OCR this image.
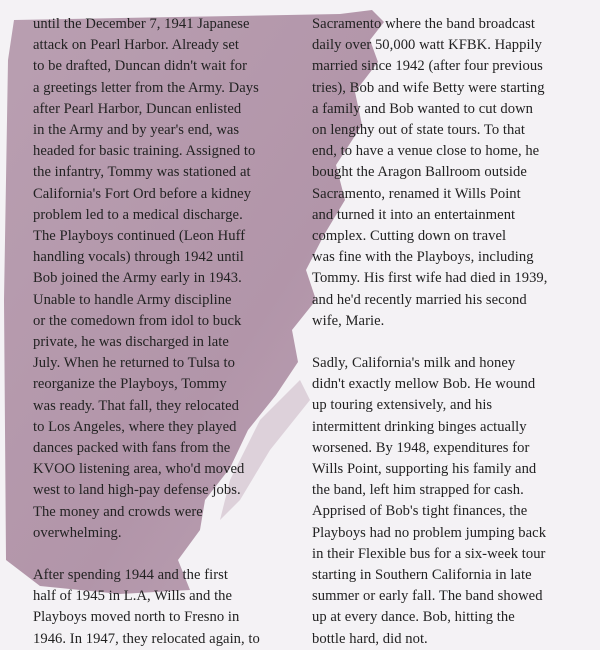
until the December 7, 1941 Japanese
attack on Pearl Harbor. Already set
to be drafted, Duncan didn't wait for
a greetings letter from the Army. Days
after Pearl Harbor, Duncan enlisted
in the Army and by year's end, was
headed for basic training. Assigned to
the infantry, Tommy was stationed at
California's Fort Ord before a kidney
problem led to a medical discharge.
The Playboys continued (Leon Huff
handling vocals) through 1942 until
Bob joined the Army early in 1943.
Unable to handle Army discipline
or the comedown from idol to buck
private, he was discharged in late
July. When he returned to Tulsa to
reorganize the Playboys, Tommy
was ready. That fall, they relocated
to Los Angeles, where they played
dances packed with fans from the
KVOO listening area, who'd moved
west to land high-pay defense jobs.
The money and crowds were
overwhelming.

After spending 1944 and the first
half of 1945 in L.A, Wills and the
Playboys moved north to Fresno in
1946. In 1947, they relocated again, to

Sacramento where the band broadcast
daily over 50,000 watt KFBK. Happily
married since 1942 (after four previous
tries), Bob and wife Betty were starting
a family and Bob wanted to cut down
on lengthy out of state tours. To that
end, to have a venue close to home, he
bought the Aragon Ballroom outside
Sacramento, renamed it Wills Point
and turned it into an entertainment
complex. Cutting down on travel
was fine with the Playboys, including
Tommy. His first wife had died in 1939,
and he'd recently married his second
wife, Marie.

Sadly, California's milk and honey
didn't exactly mellow Bob. He wound
up touring extensively, and his
intermittent drinking binges actually
worsened. By 1948, expenditures for
Wills Point, supporting his family and
the band, left him strapped for cash.
Apprised of Bob's tight finances, the
Playboys had no problem jumping back
in their Flexible bus for a six-week tour
starting in Southern California in late
summer or early fall. The band showed
up at every dance. Bob, hitting the
bottle hard, did not.
